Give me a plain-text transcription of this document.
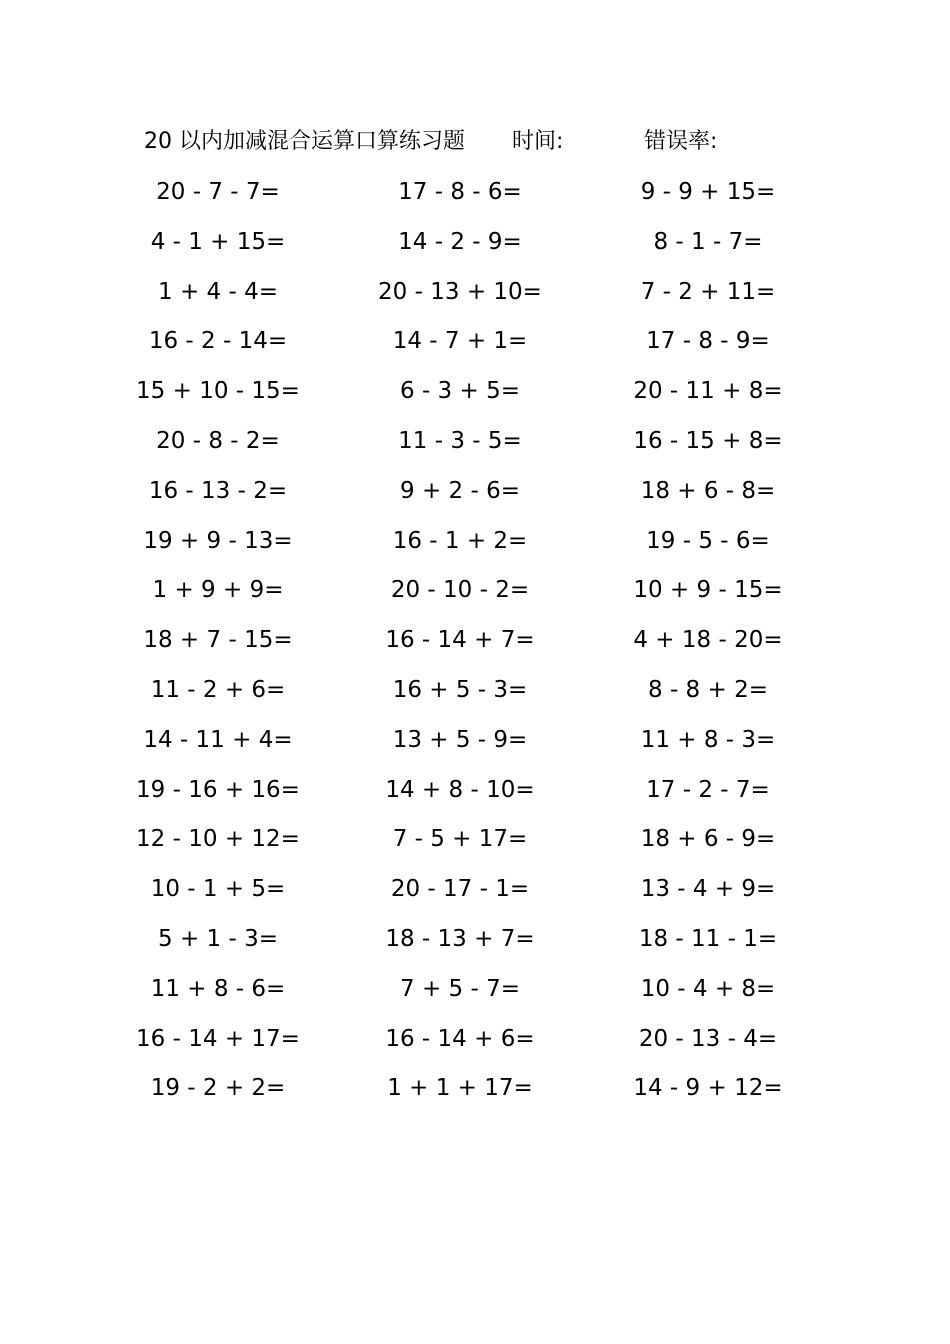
20 以内加减混合运算口算练习题

时间:

	错误率:

20 - 7 - 7=	17 - 8 - 6=	9 - 9 + 15=
4 - 1 + 15=	14 - 2 - 9=	8 - 1 - 7=
1 + 4 - 4=	20 - 13 + 10=	7 - 2 + 11=
16 - 2 - 14=	14 - 7 + 1=	17 - 8 - 9=
15 + 10 - 15=	6 - 3 + 5=	20 - 11 + 8=
20 - 8 - 2=	11 - 3 - 5=	16 - 15 + 8=
16 - 13 - 2=	9 + 2 - 6=	18 + 6 - 8=
19 + 9 - 13=	16 - 1 + 2=	19 - 5 - 6=
1 + 9 + 9=	20 - 10 - 2=	10 + 9 - 15=
18 + 7 - 15=	16 - 14 + 7=	4 + 18 - 20=
11 - 2 + 6=	16 + 5 - 3=	8 - 8 + 2=
14 - 11 + 4=	13 + 5 - 9=	11 + 8 - 3=
19 - 16 + 16=	14 + 8 - 10=	17 - 2 - 7=
12 - 10 + 12=	7 - 5 + 17=	18 + 6 - 9=
10 - 1 + 5=	20 - 17 - 1=	13 - 4 + 9=
5 + 1 - 3=	18 - 13 + 7=	18 - 11 - 1=
11 + 8 - 6=	7 + 5 - 7=	10 - 4 + 8=
16 - 14 + 17=	16 - 14 + 6=	20 - 13 - 4=
19 - 2 + 2=	1 + 1 + 17=	14 - 9 + 12=
